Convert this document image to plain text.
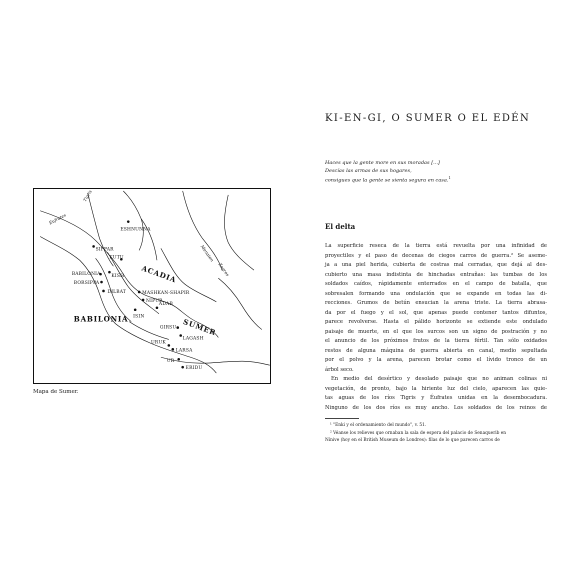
Tigris
Éufrates
Menaten
Zagros
ACADIA
BABILONIA	SUMER
ESHNUNNA
SIPPAR
KUTU
KISH
BABILONIA
BORSIPPA
DILBAT	MASHKAN-SHAPIR
NIPUR
ADAB
ISIN
GIRSU
LAGASH
URUK
LARSA
UR
ERIDU
Mapa de Sumer.
KI-EN-GI, O SUMER O EL EDÉN
Haces que la gente more en sus moradas [...]
Descías las armas de sus hogares,
consigues que la gente se sienta segura en casa.$^1$
El delta
La superficie reseca de la tierra está revuelta por una infinidad de
proyectiles y el paso de decenas de ciegos carros de guerra.² Se aseme-
ja a una piel herida, cubierta de costras mal cerradas, que dejá al des-
cubierto una masa indistinta de hinchadas entrañas: las tumbas de los
soldados caídos, rápidamente enterrados en el campo de batalla, que
sobresalen formando una ondulación que se expande en todas las di-
recciones. Grumos de betún ensucian la arena triste. La tierra abrasa-
da por el fuego y el sol, que apenas puede contener tantos difuntos,
parece revolverse. Hasta el pálido horizonte se extiende este ondulado
paisaje de muerte, en el que los surcos son un signo de postración y no
el anuncio de los próximos frutos de la tierra fértil. Tan sólo oxidados
restos de alguna máquina de guerra abierta en canal, medio sepultada
por el polvo y la arena, parecen brotar como el lívido tronco de un
árbol seco.
En medio del desértico y desolado paisaje que no animan colinas ni
vegetación, de pronto, bajo la hiriente luz del cielo, aparecen las quie-
tas aguas de los ríos Tigris y Éufrates unidas en la desembocadura.
Ninguno de los dos ríos es muy ancho. Los soldados de los reinos de
¹ "Enki y el ordenamiento del mundo", v. 51.
² Véanse los relieves que ornaban la sala de espera del palacio de Senaquerib en
Nínive (hoy en el British Museum de Londres): filas de lo que parecen carros de
